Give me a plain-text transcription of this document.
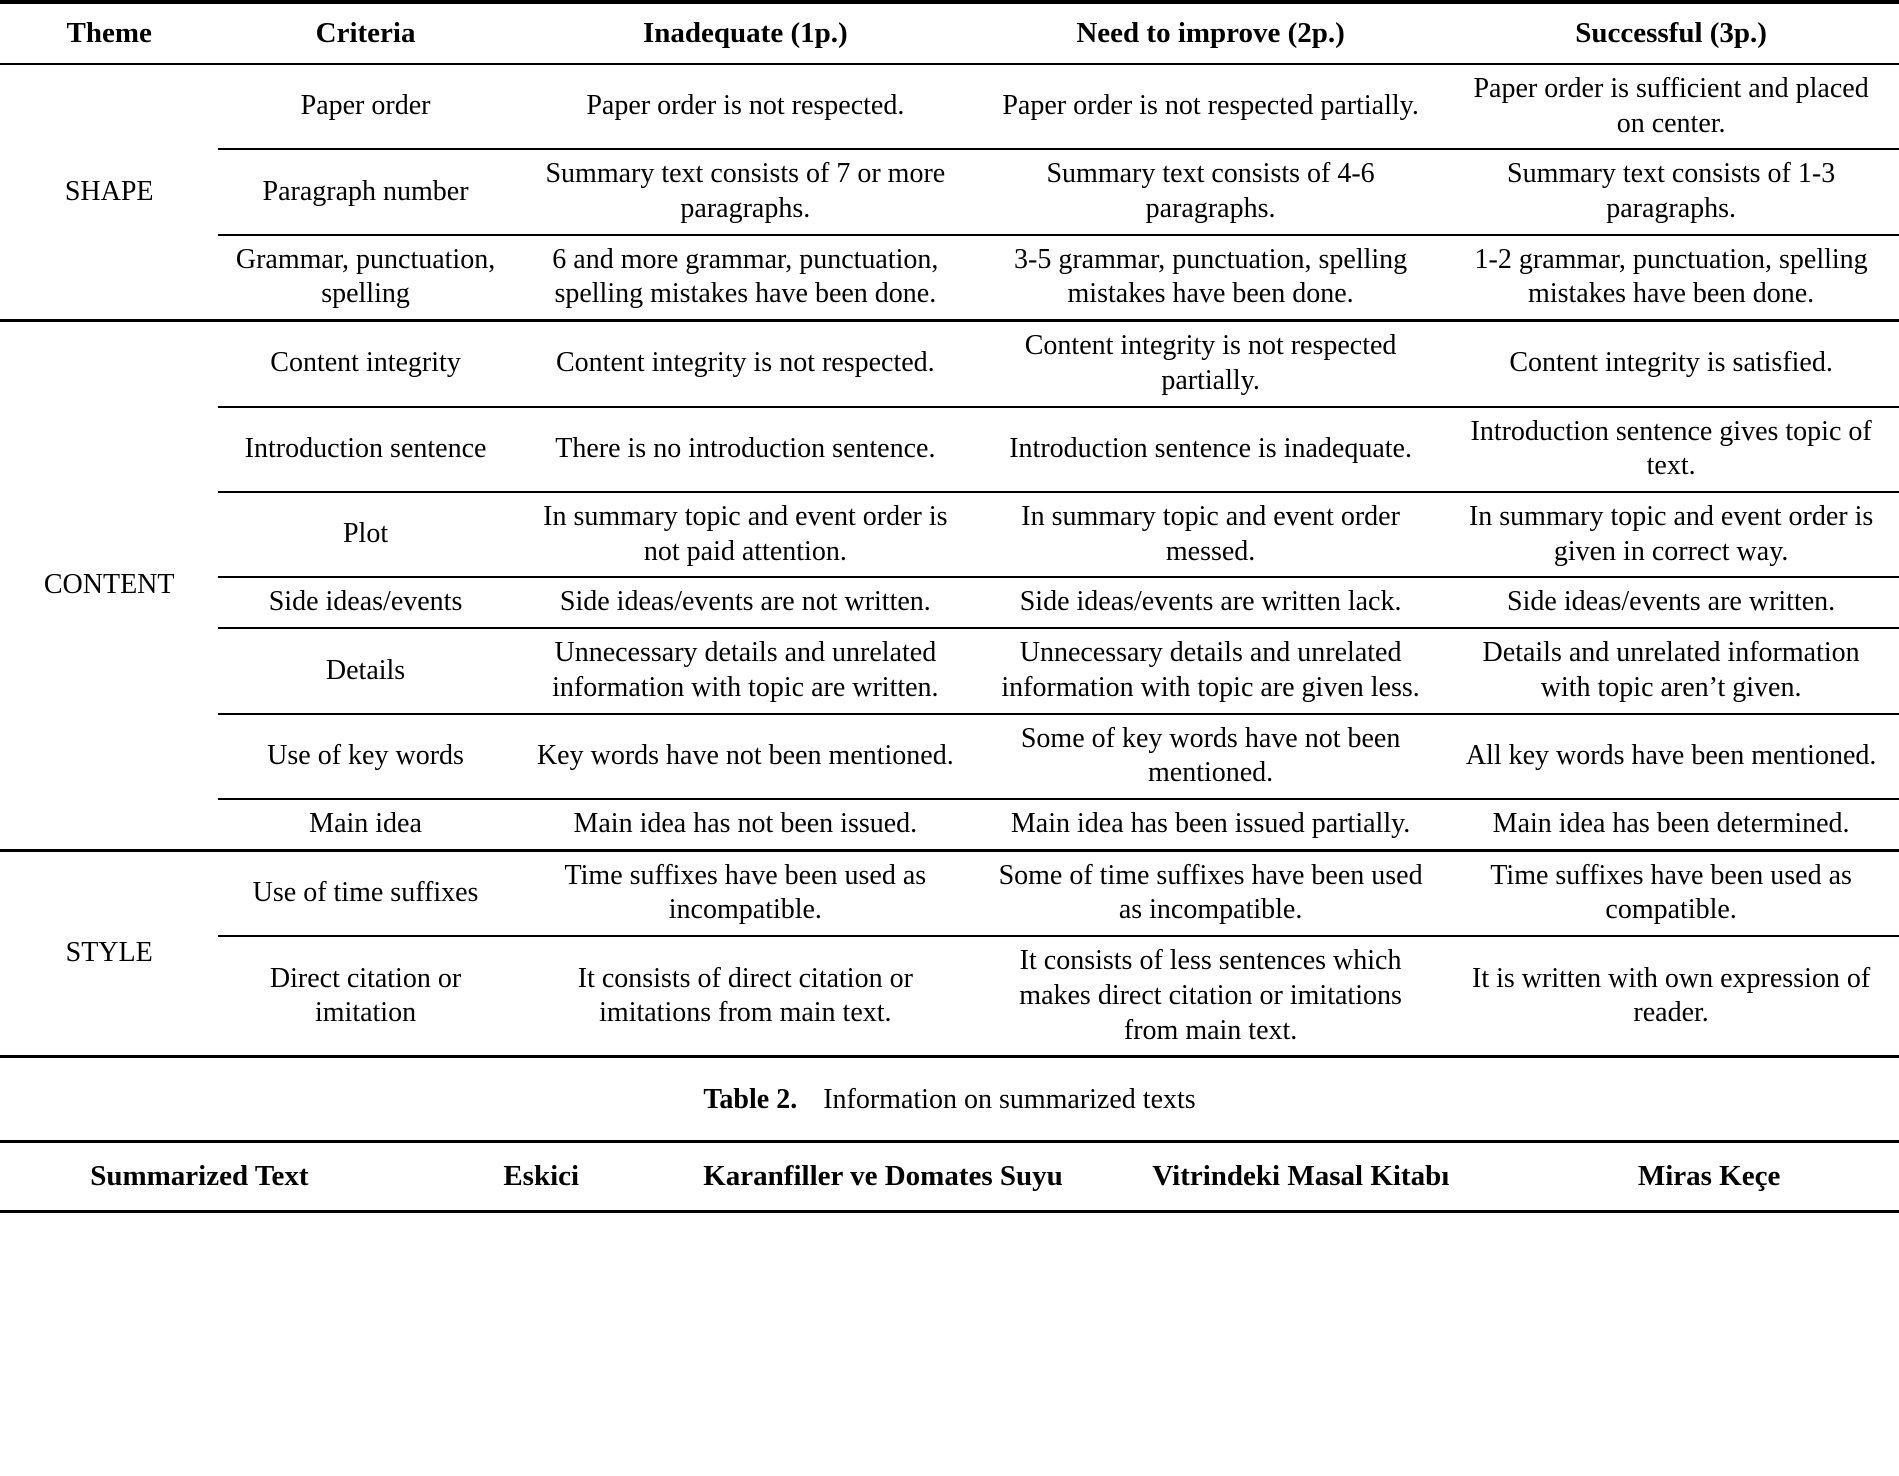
Theme	Criteria	Inadequate (1p.)	Need to improve (2p.)	Successful (3p.)
SHAPE	Paper order	Paper order is not respected.	Paper order is not respected partially.	Paper order is sufficient and placed on center.
	Paragraph number	Summary text consists of 7 or more paragraphs.	Summary text consists of 4-6 paragraphs.	Summary text consists of 1-3 paragraphs.
	Grammar, punctuation, spelling	6 and more grammar, punctuation, spelling mistakes have been done.	3-5 grammar, punctuation, spelling mistakes have been done.	1-2 grammar, punctuation, spelling mistakes have been done.
CONTENT	Content integrity	Content integrity is not respected.	Content integrity is not respected partially.	Content integrity is satisfied.
	Introduction sentence	There is no introduction sentence.	Introduction sentence is inadequate.	Introduction sentence gives topic of text.
	Plot	In summary topic and event order is not paid attention.	In summary topic and event order messed.	In summary topic and event order is given in correct way.
	Side ideas/events	Side ideas/events are not written.	Side ideas/events are written lack.	Side ideas/events are written.
	Details	Unnecessary details and unrelated information with topic are written.	Unnecessary details and unrelated information with topic are given less.	Details and unrelated information with topic aren’t given.
	Use of key words	Key words have not been mentioned.	Some of key words have not been mentioned.	All key words have been mentioned.
	Main idea	Main idea has not been issued.	Main idea has been issued partially.	Main idea has been determined.
STYLE	Use of time suffixes	Time suffixes have been used as incompatible.	Some of time suffixes have been used as incompatible.	Time suffixes have been used as compatible.
	Direct citation or imitation	It consists of direct citation or imitations from main text.	It consists of less sentences which makes direct citation or imitations from main text.	It is written with own expression of reader.
Table 2. Information on summarized texts
Summarized Text	Eskici	Karanfiller ve Domates Suyu	Vitrindeki Masal Kitabı	Miras Keçe
